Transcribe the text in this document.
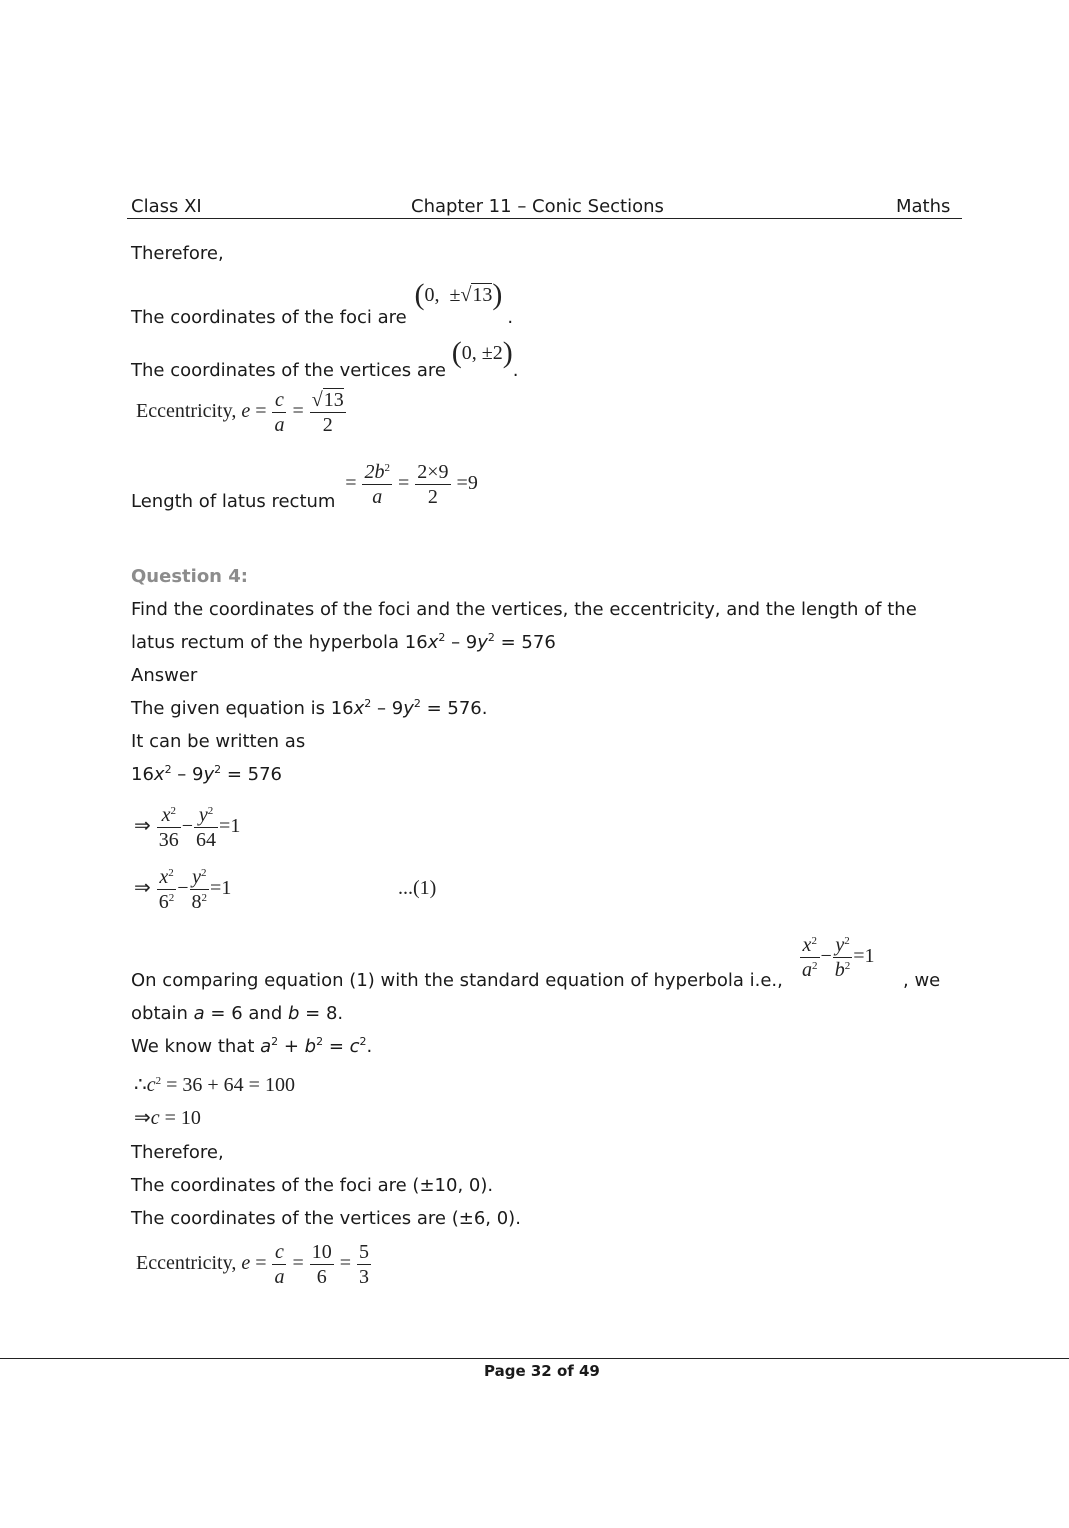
Class XI	Chapter 11 – Conic Sections	Maths
Therefore,
The coordinates of the foci are (0, ±√13) .
The coordinates of the vertices are (0, ±2).
Eccentricity, $e = \frac{c}{a} = \frac{√13}{2}$
Length of latus rectum = $\frac{2b^2}{a} = \frac{2\times 9}{2} =9$
Question 4:
Find the coordinates of the foci and the vertices, the eccentricity, and the length of the
latus rectum of the hyperbola $16x^2 - 9y^2 = 576$
Answer
The given equation is $16x^2 - 9y^2 = 576$.
It can be written as
$16x^2 - 9y^2 = 576$
⇒ $\frac{x^2}{36} - \frac{y^2}{64} =1$
⇒ $\frac{x^2}{6^2} - \frac{y^2}{8^2} =1$	...(1)
On comparing equation (1) with the standard equation of hyperbola i.e., $\frac{x^2}{a^2} - \frac{y^2}{b^2} =1$
, we
obtain a = 6 and b = 8.
We know that $a^2 + b^2 = c^2$.
$\therefore c^2 = 36 + 64 = 100$
⇒c = 10
Therefore,
The coordinates of the foci are (±10, 0).
The coordinates of the vertices are (±6, 0).
Eccentricity, $e = \frac{c}{a} = \frac{10}{6} = \frac{5}{3}$
Page 32 of 49
